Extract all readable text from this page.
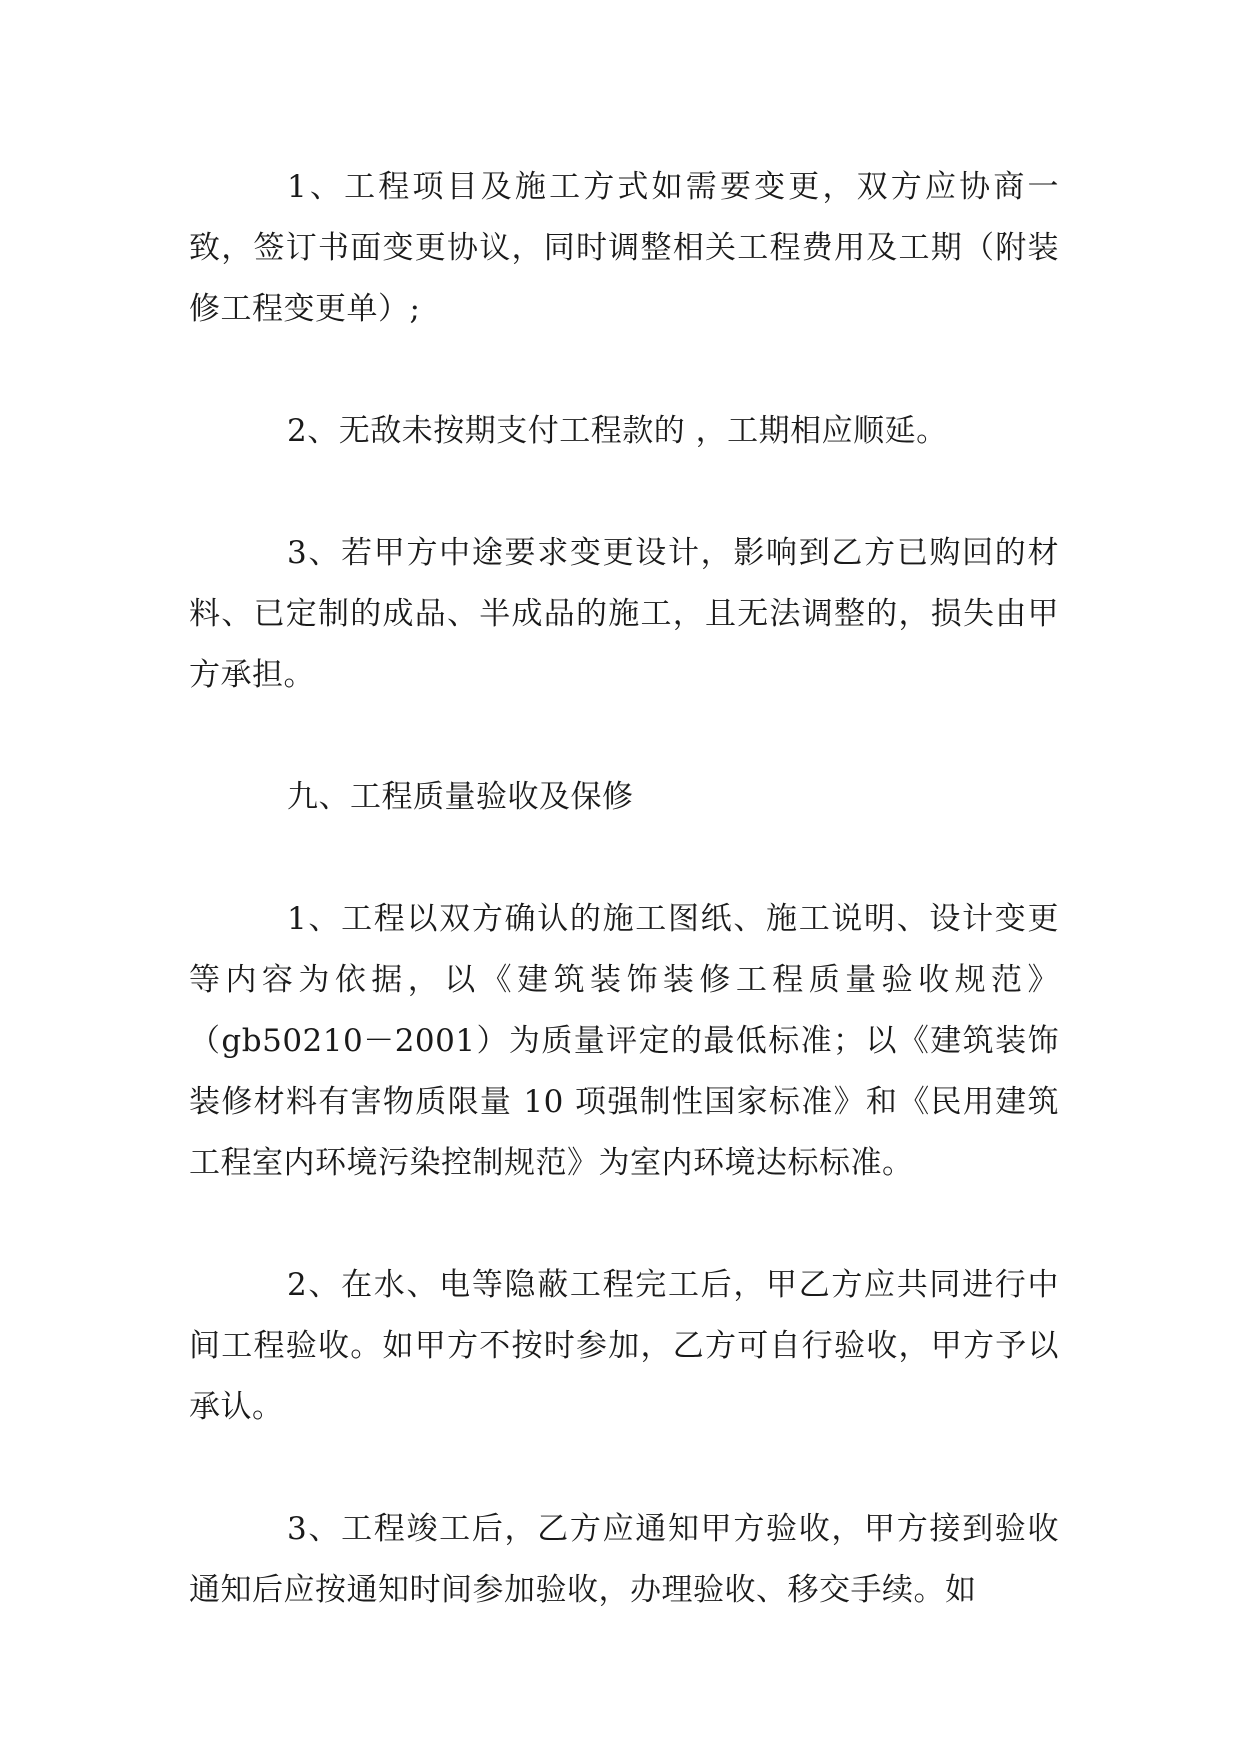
1、工程项目及施工方式如需要变更，双方应协商一致，签订书面变更协议，同时调整相关工程费用及工期（附装修工程变更单）;

2、无敌未按期支付工程款的 ，工期相应顺延。

3、若甲方中途要求变更设计，影响到乙方已购回的材料、已定制的成品、半成品的施工，且无法调整的，损失由甲方承担。

九、工程质量验收及保修

1、工程以双方确认的施工图纸、施工说明、设计变更等内容为依据，以《建筑装饰装修工程质量验收规范》（gb50210－2001）为质量评定的最低标准；以《建筑装饰装修材料有害物质限量 10 项强制性国家标准》和《民用建筑工程室内环境污染控制规范》为室内环境达标标准。

2、在水、电等隐蔽工程完工后，甲乙方应共同进行中间工程验收。如甲方不按时参加，乙方可自行验收，甲方予以承认。

3、工程竣工后，乙方应通知甲方验收，甲方接到验收通知后应按通知时间参加验收，办理验收、移交手续。如
